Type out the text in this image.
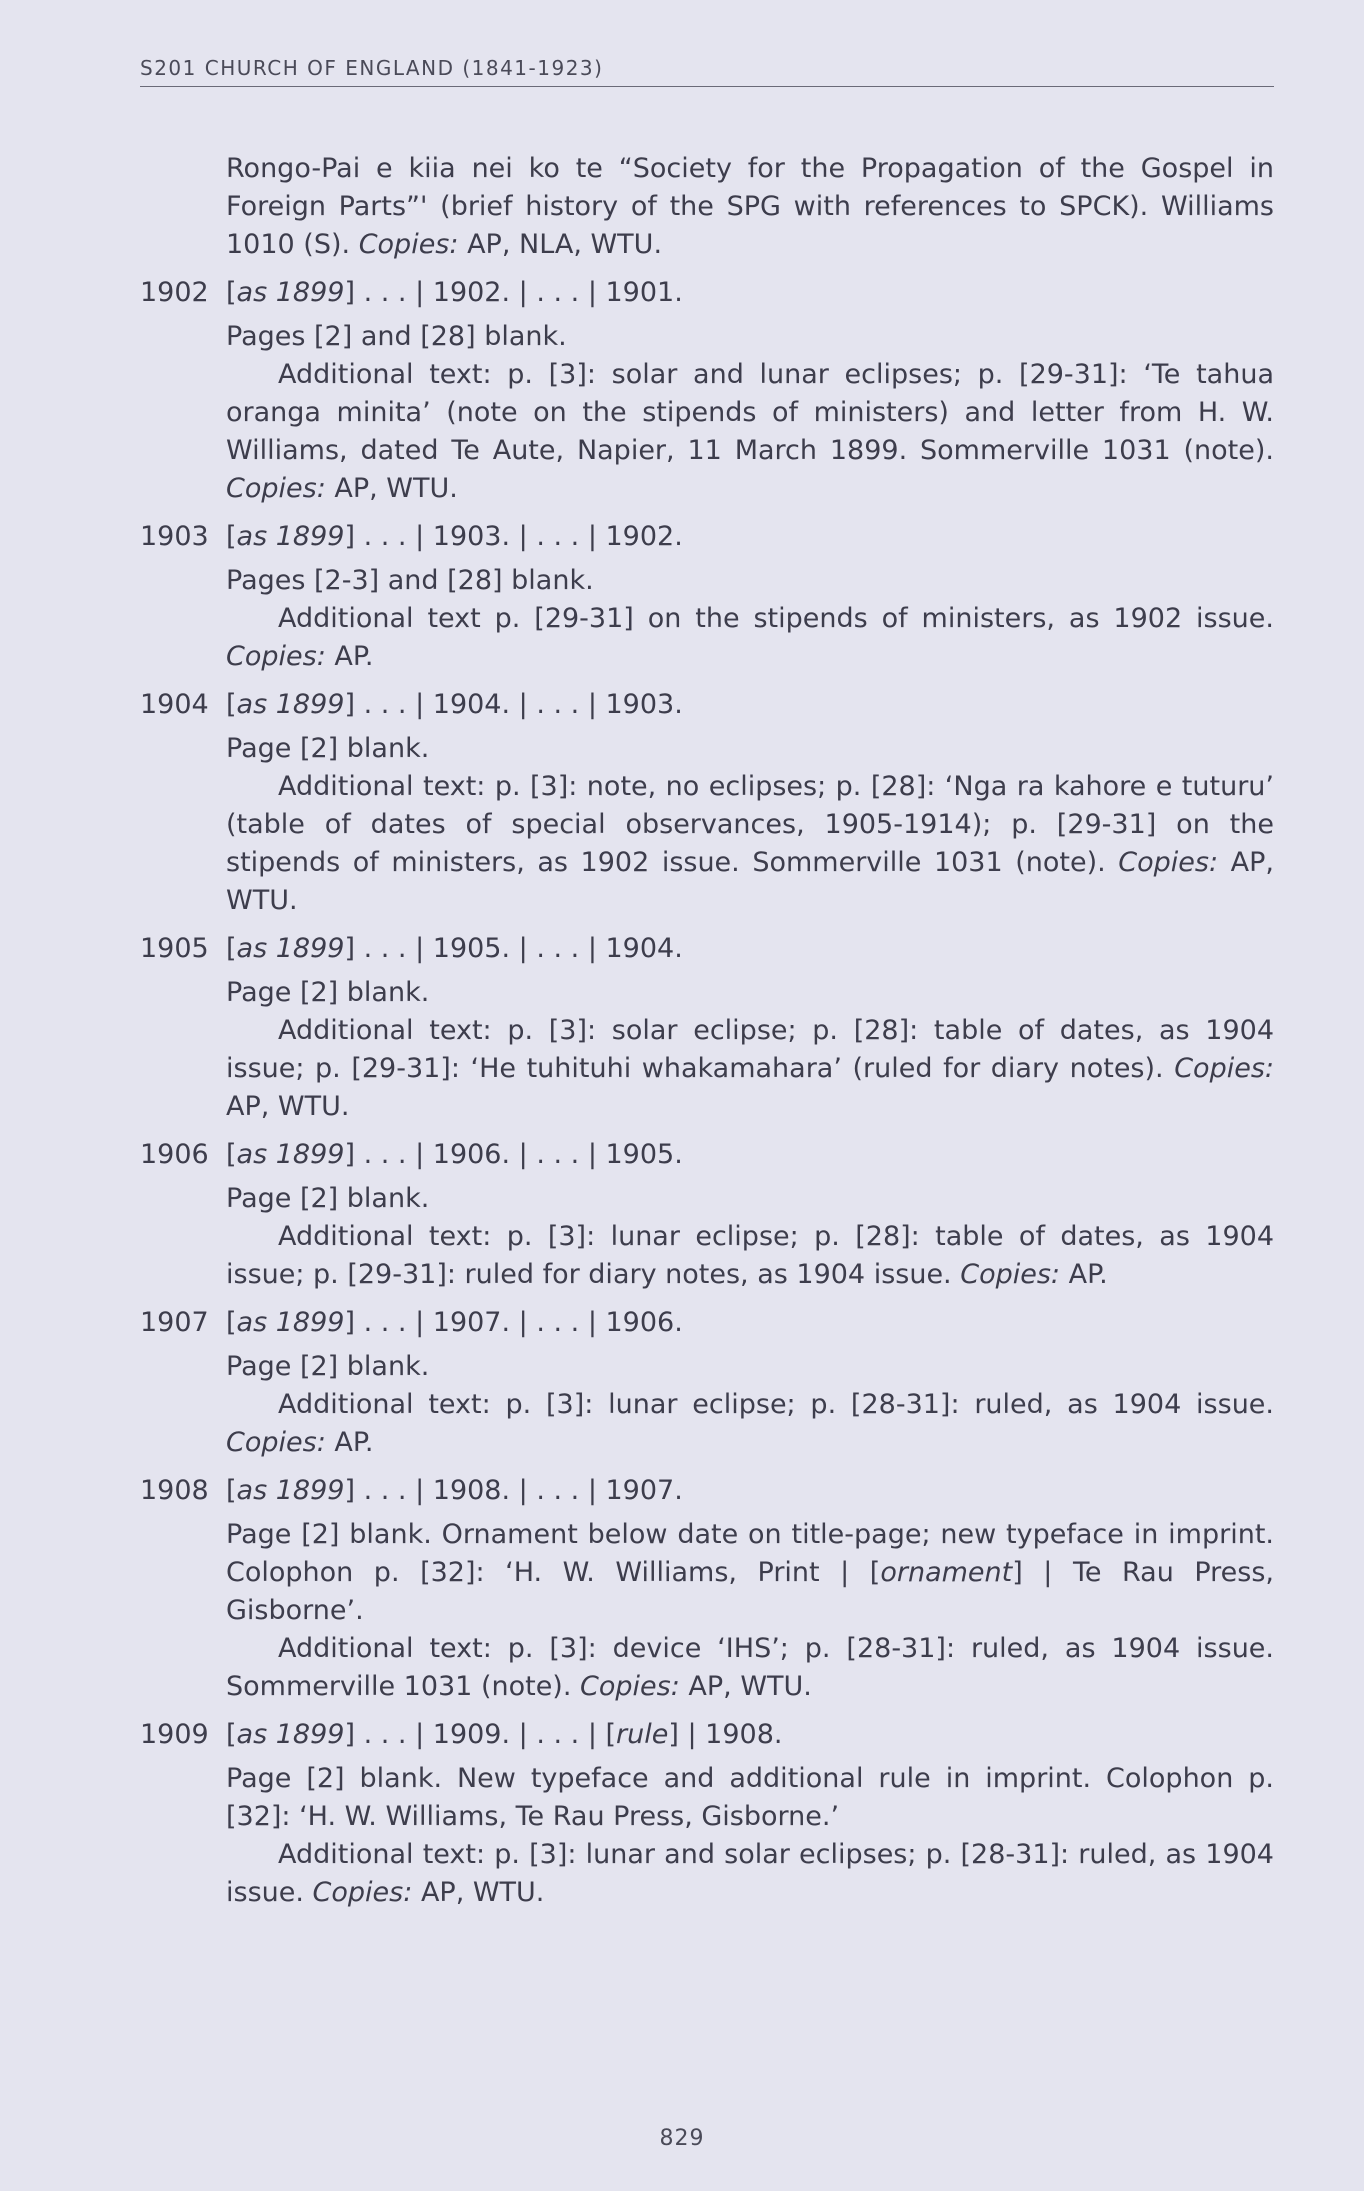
S201 CHURCH OF ENGLAND (1841-1923)

Rongo-Pai e kiia nei ko te “Society for the Propagation of the Gospel in Foreign Parts”' (brief history of the SPG with references to SPCK). Williams 1010 (S). Copies: AP, NLA, WTU.

1902 [as 1899] . . . | 1902. | . . . | 1901.

Pages [2] and [28] blank.

Additional text: p. [3]: solar and lunar eclipses; p. [29-31]: ‘Te tahua oranga minita’ (note on the stipends of ministers) and letter from H. W. Williams, dated Te Aute, Napier, 11 March 1899. Sommerville 1031 (note). Copies: AP, WTU.

1903 [as 1899] . . . | 1903. | . . . | 1902.

Pages [2-3] and [28] blank.

Additional text p. [29-31] on the stipends of ministers, as 1902 issue. Copies: AP.

1904 [as 1899] . . . | 1904. | . . . | 1903.

Page [2] blank.

Additional text: p. [3]: note, no eclipses; p. [28]: ‘Nga ra kahore e tuturu’ (table of dates of special observances, 1905-1914); p. [29-31] on the stipends of ministers, as 1902 issue. Sommerville 1031 (note). Copies: AP, WTU.

1905 [as 1899] . . . | 1905. | . . . | 1904.

Page [2] blank.

Additional text: p. [3]: solar eclipse; p. [28]: table of dates, as 1904 issue; p. [29-31]: ‘He tuhituhi whakamahara’ (ruled for diary notes). Copies: AP, WTU.

1906 [as 1899] . . . | 1906. | . . . | 1905.

Page [2] blank.

Additional text: p. [3]: lunar eclipse; p. [28]: table of dates, as 1904 issue; p. [29-31]: ruled for diary notes, as 1904 issue. Copies: AP.

1907 [as 1899] . . . | 1907. | . . . | 1906.

Page [2] blank.

Additional text: p. [3]: lunar eclipse; p. [28-31]: ruled, as 1904 issue. Copies: AP.

1908 [as 1899] . . . | 1908. | . . . | 1907.

Page [2] blank. Ornament below date on title-page; new typeface in imprint. Colophon p. [32]: ‘H. W. Williams, Print | [ornament] | Te Rau Press, Gisborne’.

Additional text: p. [3]: device ‘IHS’; p. [28-31]: ruled, as 1904 issue. Sommerville 1031 (note). Copies: AP, WTU.

1909 [as 1899] . . . | 1909. | . . . | [rule] | 1908.

Page [2] blank. New typeface and additional rule in imprint. Colophon p. [32]: ‘H. W. Williams, Te Rau Press, Gisborne.’

Additional text: p. [3]: lunar and solar eclipses; p. [28-31]: ruled, as 1904 issue. Copies: AP, WTU.

829
